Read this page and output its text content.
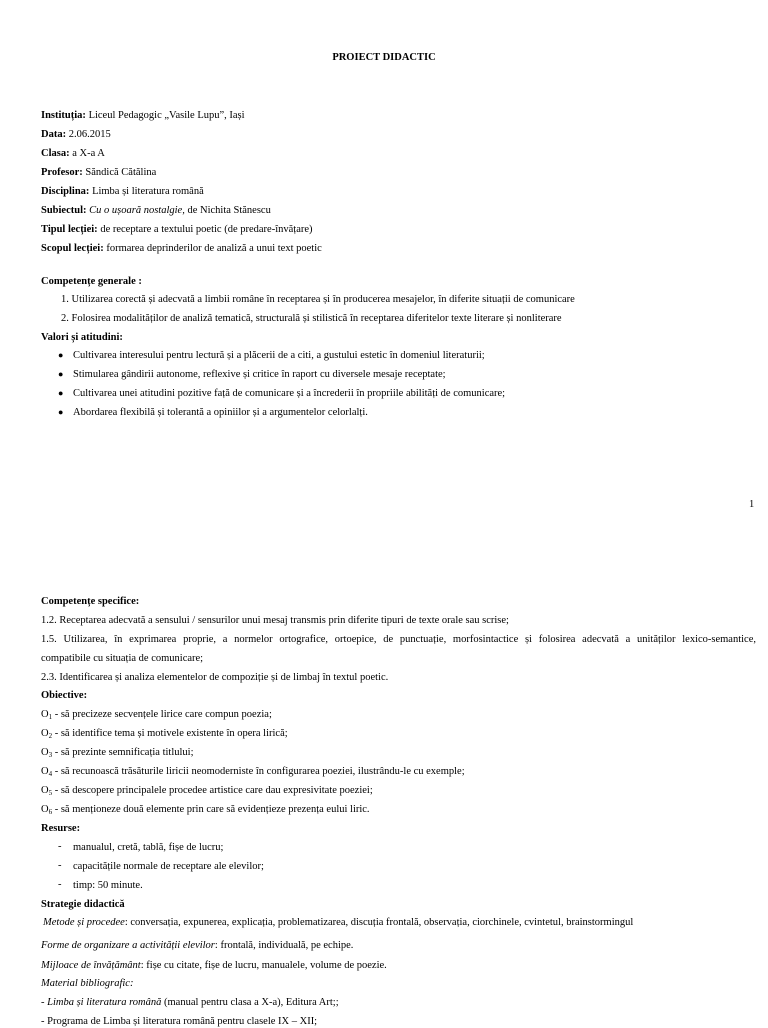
PROIECT DIDACTIC
Instituția: Liceul Pedagogic „Vasile Lupu”, Iași
Data: 2.06.2015
Clasa: a X-a A
Profesor: Săndică Cătălina
Disciplina: Limba și literatura română
Subiectul: Cu o ușoară nostalgie, de Nichita Stănescu
Tipul lecției: de receptare a textului poetic (de predare-învățare)
Scopul lecției: formarea deprinderilor de analiză a unui text poetic
Competențe generale :
1. Utilizarea corectă și adecvată a limbii române în receptarea și în producerea mesajelor, în diferite situații de comunicare
2. Folosirea modalităților de analiză tematică, structurală și stilistică în receptarea diferitelor texte literare și nonliterare
Valori și atitudini:
● Cultivarea interesului pentru lectură și a plăcerii de a citi, a gustului estetic în domeniul literaturii;
● Stimularea gândirii autonome, reflexive și critice în raport cu diversele mesaje receptate;
● Cultivarea unei atitudini pozitive față de comunicare și a încrederii în propriile abilități de comunicare;
● Abordarea flexibilă și tolerantă a opiniilor și a argumentelor celorlalți.
1
Competențe specifice:
1.2. Receptarea adecvată a sensului / sensurilor unui mesaj transmis prin diferite tipuri de texte orale sau scrise;
1.5. Utilizarea, în exprimarea proprie, a normelor ortografice, ortoepice, de punctuație, morfosintactice și folosirea adecvată a unităților lexico-semantice,
compatibile cu situația de comunicare;
2.3. Identificarea și analiza elementelor de compoziție și de limbaj în textul poetic.
Obiective:
$O_1$ - să precizeze secvențele lirice care compun poezia;
$O_2$ - să identifice tema și motivele existente în opera lirică;
$O_3$ - să prezinte semnificația titlului;
$O_4$ - să recunoască trăsăturile liricii neomoderniste în configurarea poeziei, ilustrându-le cu exemple;
$O_5$ - să descopere principalele procedee artistice care dau expresivitate poeziei;
$O_6$ - să menționeze două elemente prin care să evidențieze prezența eului liric.
Resurse:
- manualul, cretă, tablă, fișe de lucru;
- capacitățile normale de receptare ale elevilor;
- timp: 50 minute.
Strategie didactică
Metode și procedee: conversația, expunerea, explicația, problematizarea, discuția frontală, observația, ciorchinele, cvintetul, brainstormingul
Forme de organizare a activității elevilor: frontală, individuală, pe echipe.
Mijloace de învățământ: fișe cu citate, fișe de lucru, manualele, volume de poezie.
Material bibliografic:
- Limba și literatura română (manual pentru clasa a X-a), Editura Art;;
- Programa de Limba și literatura română pentru clasele IX – XII;
